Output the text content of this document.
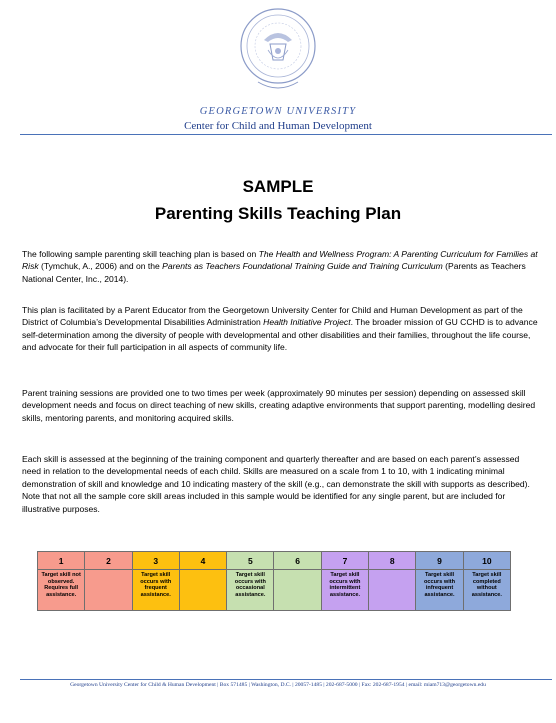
GEORGETOWN UNIVERSITY
Center for Child and Human Development
SAMPLE
Parenting Skills Teaching Plan
The following sample parenting skill teaching plan is based on The Health and Wellness Program: A Parenting Curriculum for Families at Risk (Tymchuk, A., 2006) and on the Parents as Teachers Foundational Training Guide and Training Curriculum (Parents as Teachers National Center, Inc., 2014).
This plan is facilitated by a Parent Educator from the Georgetown University Center for Child and Human Development as part of the District of Columbia’s Developmental Disabilities Administration Health Initiative Project. The broader mission of GU CCHD is to advance self-determination among the diversity of people with developmental and other disabilities and their families, throughout the life course, and advocate for their full participation in all aspects of community life.
Parent training sessions are provided one to two times per week (approximately 90 minutes per session) depending on assessed skill development needs and focus on direct teaching of new skills, creating adaptive environments that support parenting, modelling desired skills, mentoring parents, and monitoring acquired skills.
Each skill is assessed at the beginning of the training component and quarterly thereafter and are based on each parent’s assessed need in relation to the developmental needs of each child. Skills are measured on a scale from 1 to 10, with 1 indicating minimal demonstration of skill and knowledge and 10 indicating mastery of the skill (e.g., can demonstrate the skill with supports as described). Note that not all the sample core skill areas included in this sample would be identified for any single parent, but are included for illustrative purposes.
1	2	3	4	5	6	7	8	9	10
Target skill not observed. Requires full assistance.		Target skill occurs with frequent assistance.		Target skill occurs with occasional assistance.		Target skill occurs with intermittent assistance.		Target skill occurs with infrequent assistance.	Target skill completed without assistance.
Georgetown University Center for Child & Human Development | Box 571485 | Washington, D.C. | 20057-1485 | 202-687-5000 | Fax: 202-687-1954 | email: miam713@georgetown.edu
